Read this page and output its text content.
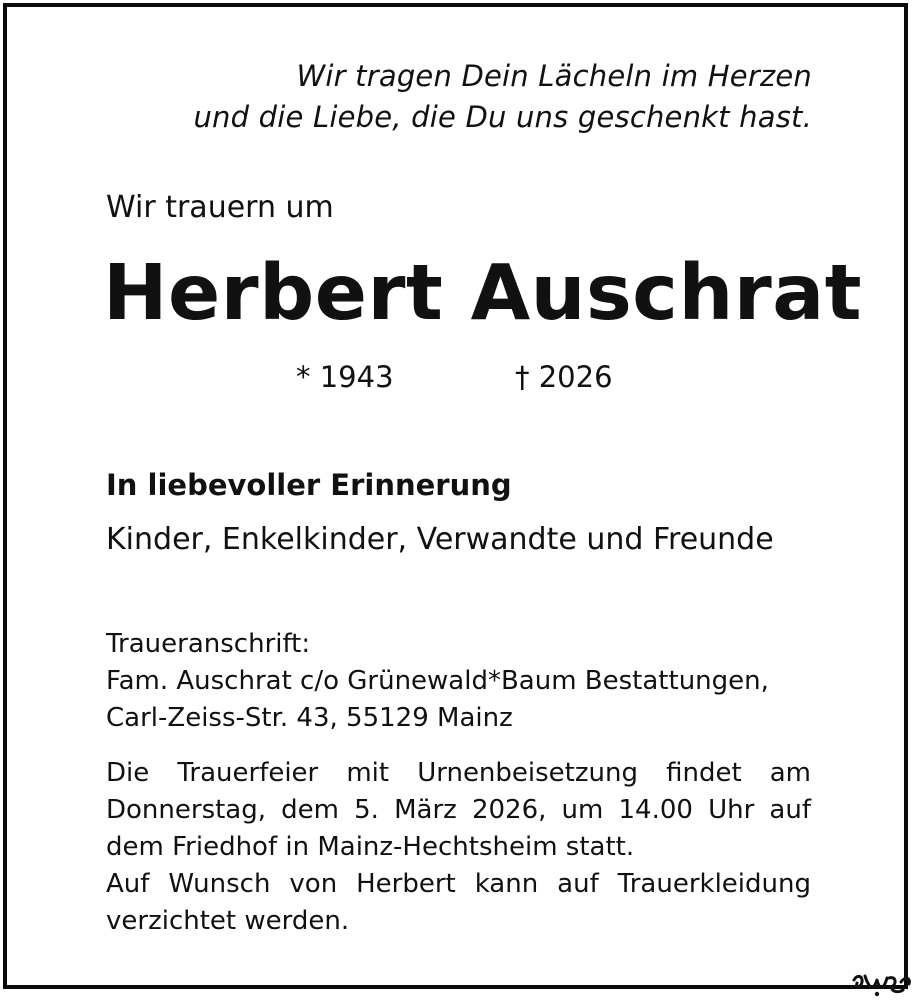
Wir tragen Dein Lächeln im Herzen
und die Liebe, die Du uns geschenkt hast.
Wir trauern um
Herbert Auschrat
* 1943	† 2026
In liebevoller Erinnerung
Kinder, Enkelkinder, Verwandte und Freunde
Traueranschrift:
Fam. Auschrat c/o Grünewald*Baum Bestattungen,
Carl-Zeiss-Str. 43, 55129 Mainz
Die Trauerfeier mit Urnenbeisetzung findet am
Donnerstag, dem 5. März 2026, um 14.00 Uhr auf
dem Friedhof in Mainz-Hechtsheim statt.
Auf Wunsch von Herbert kann auf Trauerkleidung
verzichtet werden.
